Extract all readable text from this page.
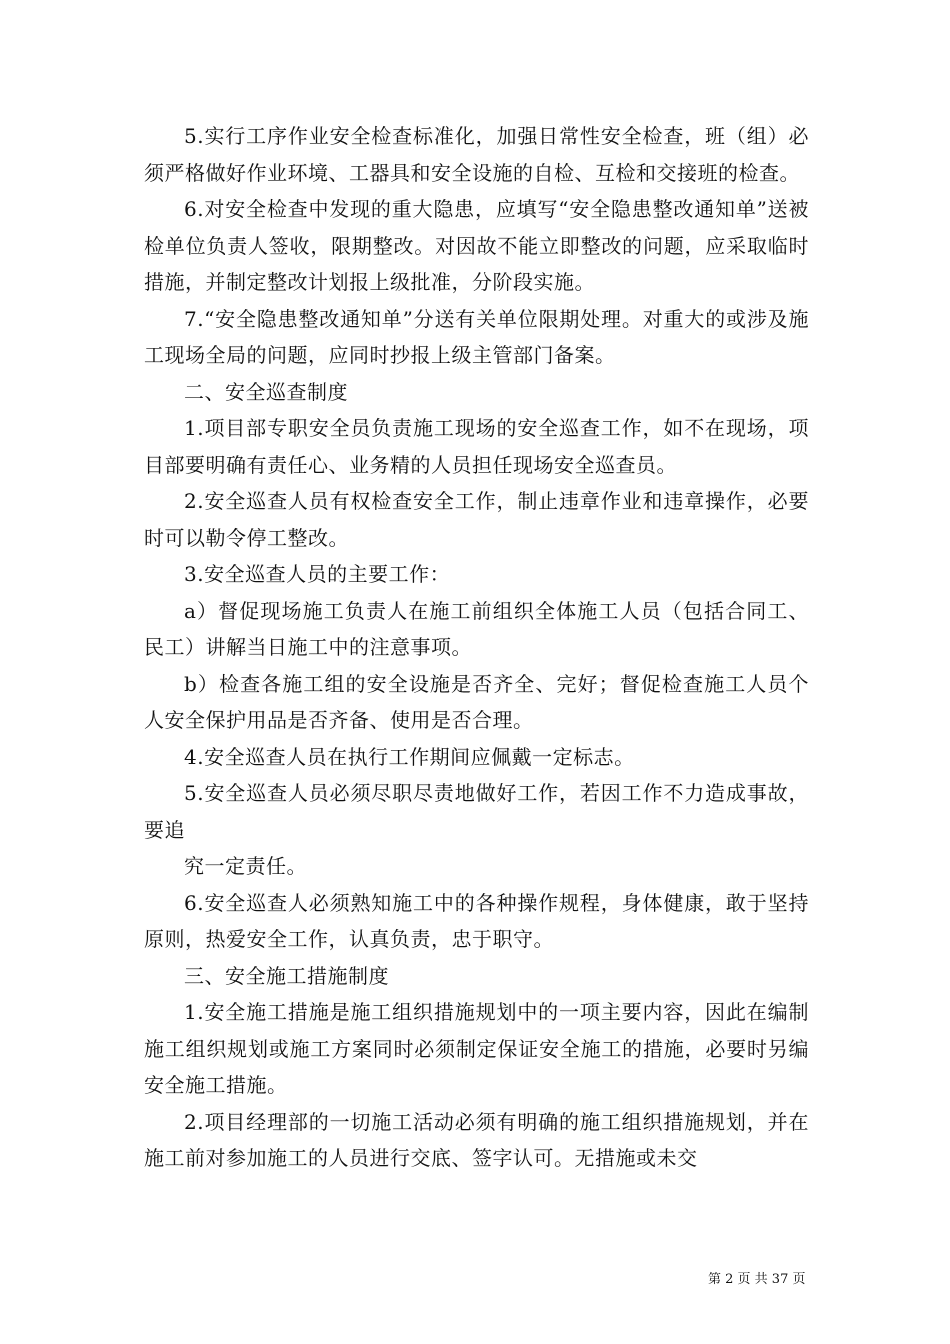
5.实行工序作业安全检查标准化，加强日常性安全检查，班（组）必须严格做好作业环境、工器具和安全设施的自检、互检和交接班的检查。

6.对安全检查中发现的重大隐患，应填写“安全隐患整改通知单”送被检单位负责人签收，限期整改。对因故不能立即整改的问题，应采取临时措施，并制定整改计划报上级批准，分阶段实施。

7.“安全隐患整改通知单”分送有关单位限期处理。对重大的或涉及施工现场全局的问题，应同时抄报上级主管部门备案。

二、安全巡查制度

1.项目部专职安全员负责施工现场的安全巡查工作，如不在现场，项目部要明确有责任心、业务精的人员担任现场安全巡查员。

2.安全巡查人员有权检查安全工作，制止违章作业和违章操作，必要时可以勒令停工整改。

3.安全巡查人员的主要工作：

a）督促现场施工负责人在施工前组织全体施工人员（包括合同工、民工）讲解当日施工中的注意事项。

b）检查各施工组的安全设施是否齐全、完好；督促检查施工人员个人安全保护用品是否齐备、使用是否合理。

4.安全巡查人员在执行工作期间应佩戴一定标志。

5.安全巡查人员必须尽职尽责地做好工作，若因工作不力造成事故，要追

究一定责任。

6.安全巡查人必须熟知施工中的各种操作规程，身体健康，敢于坚持原则，热爱安全工作，认真负责，忠于职守。

三、安全施工措施制度

1.安全施工措施是施工组织措施规划中的一项主要内容，因此在编制施工组织规划或施工方案同时必须制定保证安全施工的措施，必要时另编安全施工措施。

2.项目经理部的一切施工活动必须有明确的施工组织措施规划，并在施工前对参加施工的人员进行交底、签字认可。无措施或未交

第 2 页 共 37 页
